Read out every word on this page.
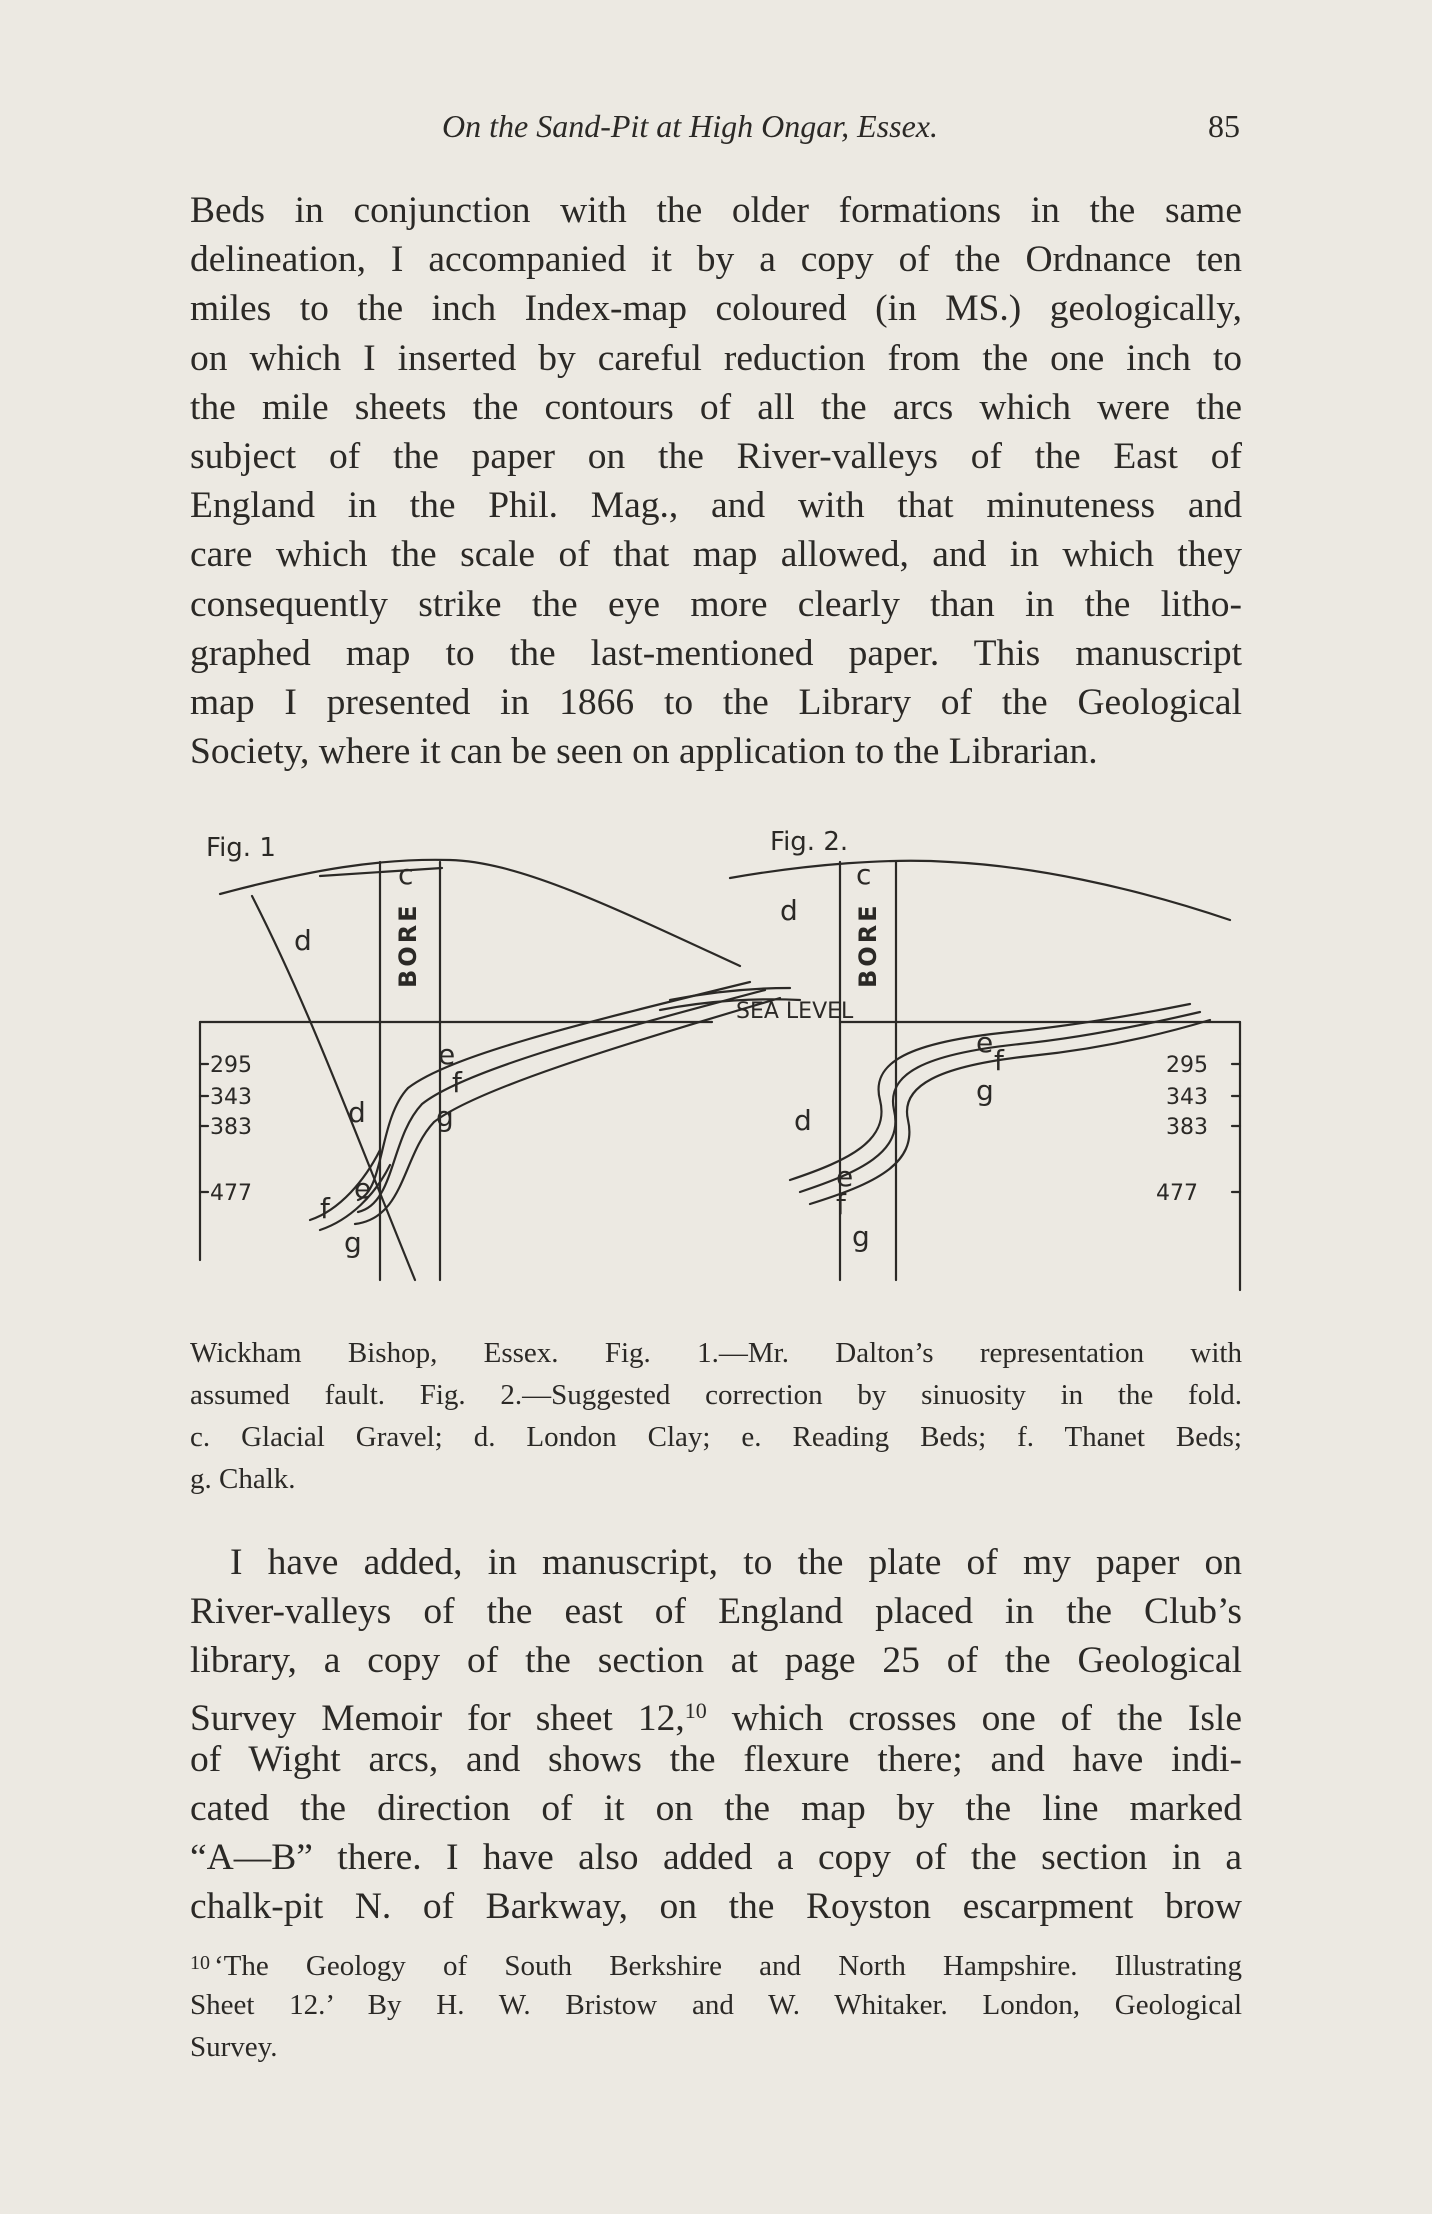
On the Sand-Pit at High Ongar, Essex.	85
Beds in conjunction with the older formations in the same
delineation, I accompanied it by a copy of the Ordnance ten
miles to the inch Index-map coloured (in MS.) geologically,
on which I inserted by careful reduction from the one inch to
the mile sheets the contours of all the arcs which were the
subject of the paper on the River-valleys of the East of
England in the Phil. Mag., and with that minuteness and
care which the scale of that map allowed, and in which they
consequently strike the eye more clearly than in the litho-
graphed map to the last-mentioned paper. This manuscript
map I presented in 1866 to the Library of the Geological
Society, where it can be seen on application to the Librarian.
Fig. 1	Fig. 2.
c
d	BORE
d
e
f
g
e
f
g
295
343
383
477
SEA LEVEL
c
d BORE
d
e
f
g
e
f
g
295
343
383
477
Wickham Bishop, Essex. Fig. 1.—Mr. Dalton’s representation with
assumed fault. Fig. 2.—Suggested correction by sinuosity in the fold.
c. Glacial Gravel; d. London Clay; e. Reading Beds; f. Thanet Beds;
g. Chalk.
I have added, in manuscript, to the plate of my paper on
River-valleys of the east of England placed in the Club’s
library, a copy of the section at page 25 of the Geological
Survey Memoir for sheet 12,10 which crosses one of the Isle
of Wight arcs, and shows the flexure there; and have indi-
cated the direction of it on the map by the line marked
“A—B” there. I have also added a copy of the section in a
chalk-pit N. of Barkway, on the Royston escarpment brow
$^{10}$ ‘The Geology of South Berkshire and North Hampshire. Illustrating
Sheet 12.’ By H. W. Bristow and W. Whitaker. London, Geological
Survey.
